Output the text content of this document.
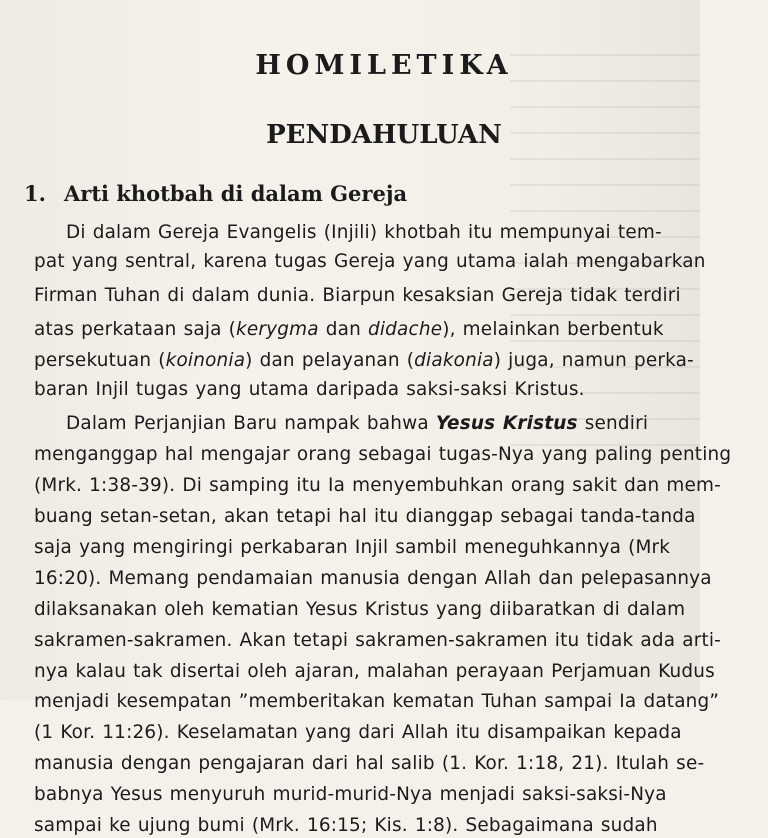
HOMILETIKA
PENDAHULUAN
1. Arti khotbah di dalam Gereja

Di dalam Gereja Evangelis (Injili) khotbah itu mempunyai tem-

pat yang sentral, karena tugas Gereja yang utama ialah mengabarkan

Firman Tuhan di dalam dunia. Biarpun kesaksian Gereja tidak terdiri

atas perkataan saja (kerygma dan didache), melainkan berbentuk

persekutuan (koinonia) dan pelayanan (diakonia) juga, namun perka-

baran Injil tugas yang utama daripada saksi-saksi Kristus.

Dalam Perjanjian Baru nampak bahwa Yesus Kristus sendiri

menganggap hal mengajar orang sebagai tugas-Nya yang paling penting

(Mrk. 1:38-39). Di samping itu Ia menyembuhkan orang sakit dan mem-

buang setan-setan, akan tetapi hal itu dianggap sebagai tanda-tanda

saja yang mengiringi perkabaran Injil sambil meneguhkannya (Mrk

16:20). Memang pendamaian manusia dengan Allah dan pelepasannya

dilaksanakan oleh kematian Yesus Kristus yang diibaratkan di dalam

sakramen-sakramen. Akan tetapi sakramen-sakramen itu tidak ada arti-

nya kalau tak disertai oleh ajaran, malahan perayaan Perjamuan Kudus

menjadi kesempatan ”memberitakan kematan Tuhan sampai Ia datang”

(1 Kor. 11:26). Keselamatan yang dari Allah itu disampaikan kepada

manusia dengan pengajaran dari hal salib (1. Kor. 1:18, 21). Itulah se-

babnya Yesus menyuruh murid-murid-Nya menjadi saksi-saksi-Nya

sampai ke ujung bumi (Mrk. 16:15; Kis. 1:8). Sebagaimana sudah
